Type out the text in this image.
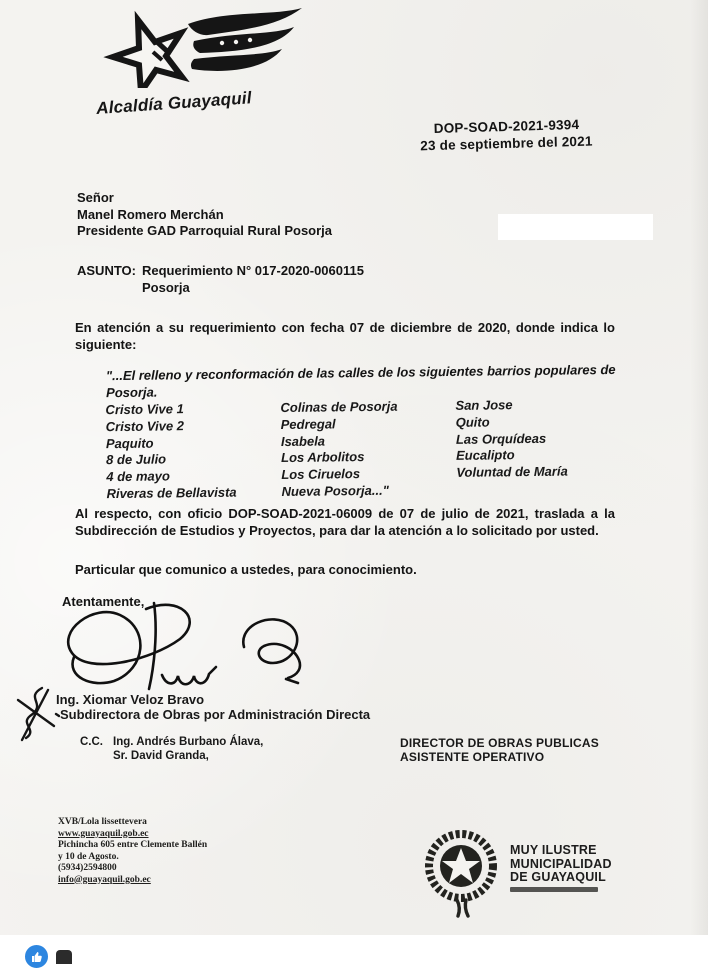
Alcaldía Guayaquil
DOP-SOAD-2021-9394
23 de septiembre del 2021
Señor
Manel Romero Merchán
Presidente GAD Parroquial Rural Posorja
ASUNTO: Requerimiento N° 017-2020-0060115
Posorja
En atención a su requerimiento con fecha 07 de diciembre de 2020, donde indica lo siguiente:
"...El relleno y reconformación de las calles de los siguientes barrios populares de Posorja.
Cristo Vive 1
Cristo Vive 2
Paquito
8 de Julio
4 de mayo
Riveras de Bellavista
Colinas de Posorja
Pedregal
Isabela
Los Arbolitos
Los Ciruelos
Nueva Posorja..."
San Jose
Quito
Las Orquídeas
Eucalipto
Voluntad de María
Al respecto, con oficio DOP-SOAD-2021-06009 de 07 de julio de 2021, traslada a la Subdirección de Estudios y Proyectos, para dar la atención a lo solicitado por usted.
Particular que comunico a ustedes, para conocimiento.
Atentamente,
Ing. Xiomar Veloz Bravo
Subdirectora de Obras por Administración Directa
C.C. Ing. Andrés Burbano Álava,
Sr. David Granda,
DIRECTOR DE OBRAS PUBLICAS
ASISTENTE OPERATIVO
XVB/Lola lissettevera
www.guayaquil.gob.ec
Pichincha 605 entre Clemente Ballén
y 10 de Agosto.
(5934)2594800
info@guayaquil.gob.ec
MUY ILUSTRE
MUNICIPALIDAD
DE GUAYAQUIL
Por Guayaquil Independiente
